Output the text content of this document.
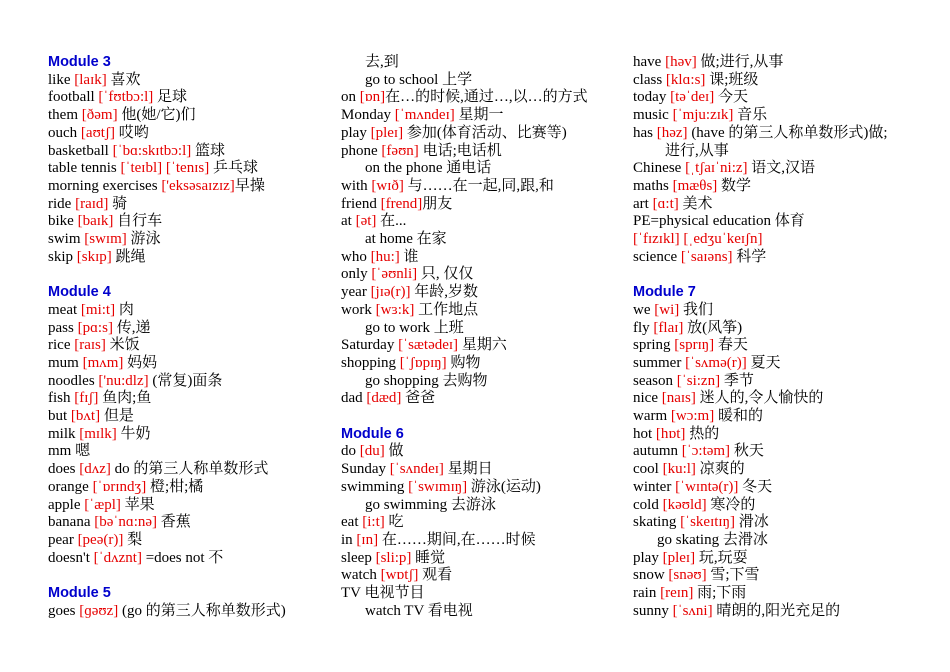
Module 3
like [laɪk] 喜欢
football [ˈfʊtbɔ:l] 足球
them [ðəm] 他(她/它)们
ouch [aʊtʃ] 哎哟
basketball [ˈbɑ:skɪtbɔ:l] 篮球
table tennis [ˈteɪbl] [ˈtenɪs] 乒乓球
morning exercises ['eksəsaɪzɪz]早操
ride [raɪd] 骑
bike [baɪk] 自行车
swim [swɪm] 游泳
skip [skɪp] 跳绳
Module 4
meat [mi:t] 肉
pass [pɑ:s] 传,递
rice [raɪs] 米饭
mum [mʌm] 妈妈
noodles ['nu:dlz] (常复)面条
fish [fɪʃ] 鱼肉;鱼
but [bʌt] 但是
milk [mɪlk] 牛奶
mm 嗯
does [dʌz] do 的第三人称单数形式
orange [ˈɒrɪndʒ] 橙;柑;橘
apple [ˈæpl] 苹果
banana [bəˈnɑ:nə] 香蕉
pear [peə(r)] 梨
doesn't [ˈdʌznt] =does not 不
Module 5
goes [ɡəʊz] (go 的第三人称单数形式)
去,到
go to school 上学
on [ɒn]在…的时候,通过…,以…的方式
Monday [ˈmʌndeɪ] 星期一
play [pleɪ] 参加(体育活动、比赛等)
phone [fəʊn] 电话;电话机
on the phone 通电话
with [wɪð] 与……在一起,同,跟,和
friend [frend]朋友
at [ət] 在...
at home 在家
who [hu:] 谁
only [ˈəʊnli] 只, 仅仅
year [jɪə(r)] 年龄,岁数
work [wɜ:k] 工作地点
go to work 上班
Saturday [ˈsætədeɪ] 星期六
shopping [ˈʃɒpɪŋ] 购物
go shopping 去购物
dad [dæd] 爸爸
Module 6
do [du] 做
Sunday [ˈsʌndeɪ] 星期日
swimming [ˈswɪmɪŋ] 游泳(运动)
go swimming 去游泳
eat [i:t] 吃
in [ɪn] 在……期间,在……时候
sleep [sli:p] 睡觉
watch [wɒtʃ] 观看
TV 电视节目
watch TV 看电视
have [həv] 做;进行,从事
class [klɑ:s] 课;班级
today [təˈdeɪ] 今天
music [ˈmju:zɪk] 音乐
has [həz] (have 的第三人称单数形式)做;
进行,从事
Chinese [ˌtʃaɪˈni:z] 语文,汉语
maths [mæθs] 数学
art [ɑ:t] 美术
PE=physical education 体育
[ˈfɪzɪkl] [ˌedʒuˈkeɪʃn]
science [ˈsaɪəns] 科学
Module 7
we [wi] 我们
fly [flaɪ] 放(风筝)
spring [sprɪŋ] 春天
summer [ˈsʌmə(r)] 夏天
season [ˈsi:zn] 季节
nice [naɪs] 迷人的,令人愉快的
warm [wɔ:m] 暖和的
hot [hɒt] 热的
autumn [ˈɔ:təm] 秋天
cool [ku:l] 凉爽的
winter [ˈwɪntə(r)] 冬天
cold [kəʊld] 寒冷的
skating [ˈskeɪtɪŋ] 滑冰
go skating 去滑冰
play [pleɪ] 玩,玩耍
snow [snəʊ] 雪;下雪
rain [reɪn] 雨;下雨
sunny [ˈsʌni] 晴朗的,阳光充足的
